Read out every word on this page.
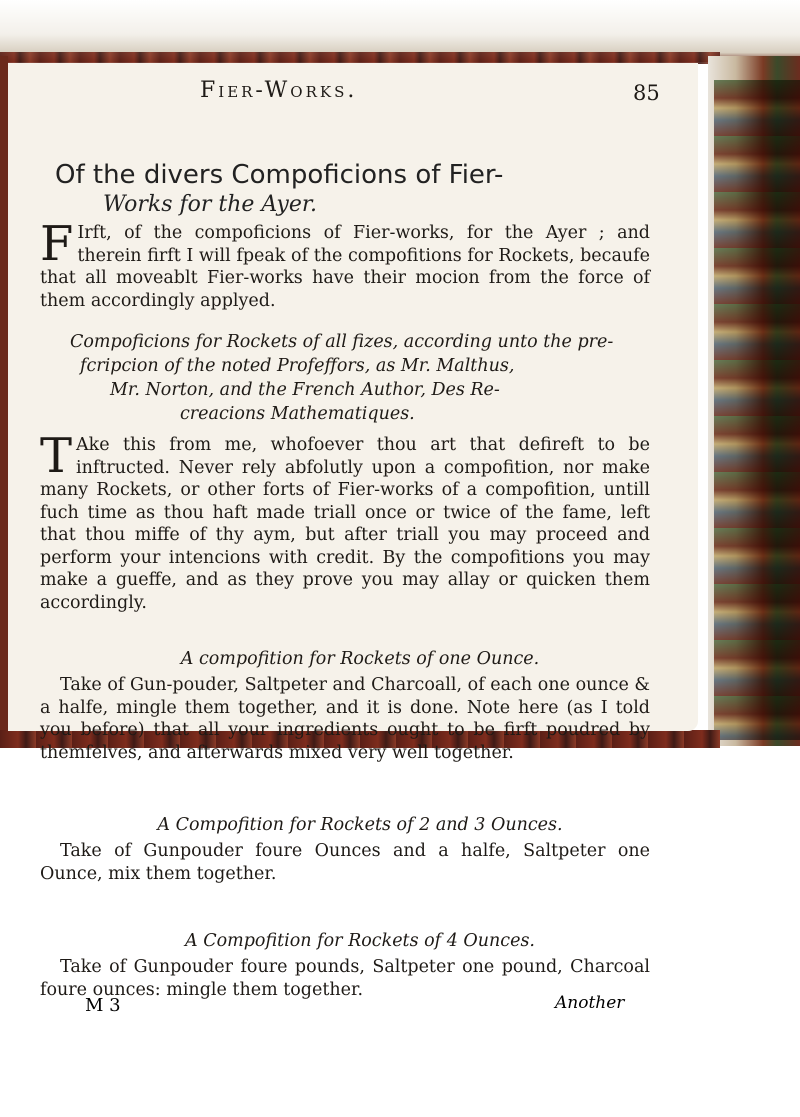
Fier-Works.	85
Of the divers Compoficions of Fier-
Works for the Ayer.
F Irft, of the compoficions of Fier-works, for the Ayer ; and therein firft I will fpeak of the compofitions for Rockets, becaufe that all moveablt Fier-works have their mocion from the force of them accordingly applyed.
Compoficions for Rockets of all fizes, according unto the pre-
fcripcion of the noted Profeffors, as Mr. Malthus,
Mr. Norton, and the French Author, Des Re-
creacions Mathematiques.
T Ake this from me, whofoever thou art that defireft to be inftructed. Never rely abfolutly upon a compofition, nor make many Rockets, or other forts of Fier-works of a compofition, untill fuch time as thou haft made triall once or twice of the fame, left that thou miffe of thy aym, but after triall you may proceed and perform your intencions with credit. By the compofitions you may make a gueffe, and as they prove you may allay or quicken them accordingly.
A compofition for Rockets of one Ounce.
Take of Gun-pouder, Saltpeter and Charcoall, of each one ounce & a halfe, mingle them together, and it is done. Note here (as I told you before) that all your ingredients ought to be firft poudred by themfelves, and afterwards mixed very well together.
A Compofition for Rockets of 2 and 3 Ounces.
Take of Gunpouder foure Ounces and a halfe, Saltpeter one Ounce, mix them together.
A Compofition for Rockets of 4 Ounces.
Take of Gunpouder foure pounds, Saltpeter one pound, Charcoal foure ounces: mingle them together.
M 3	Another
